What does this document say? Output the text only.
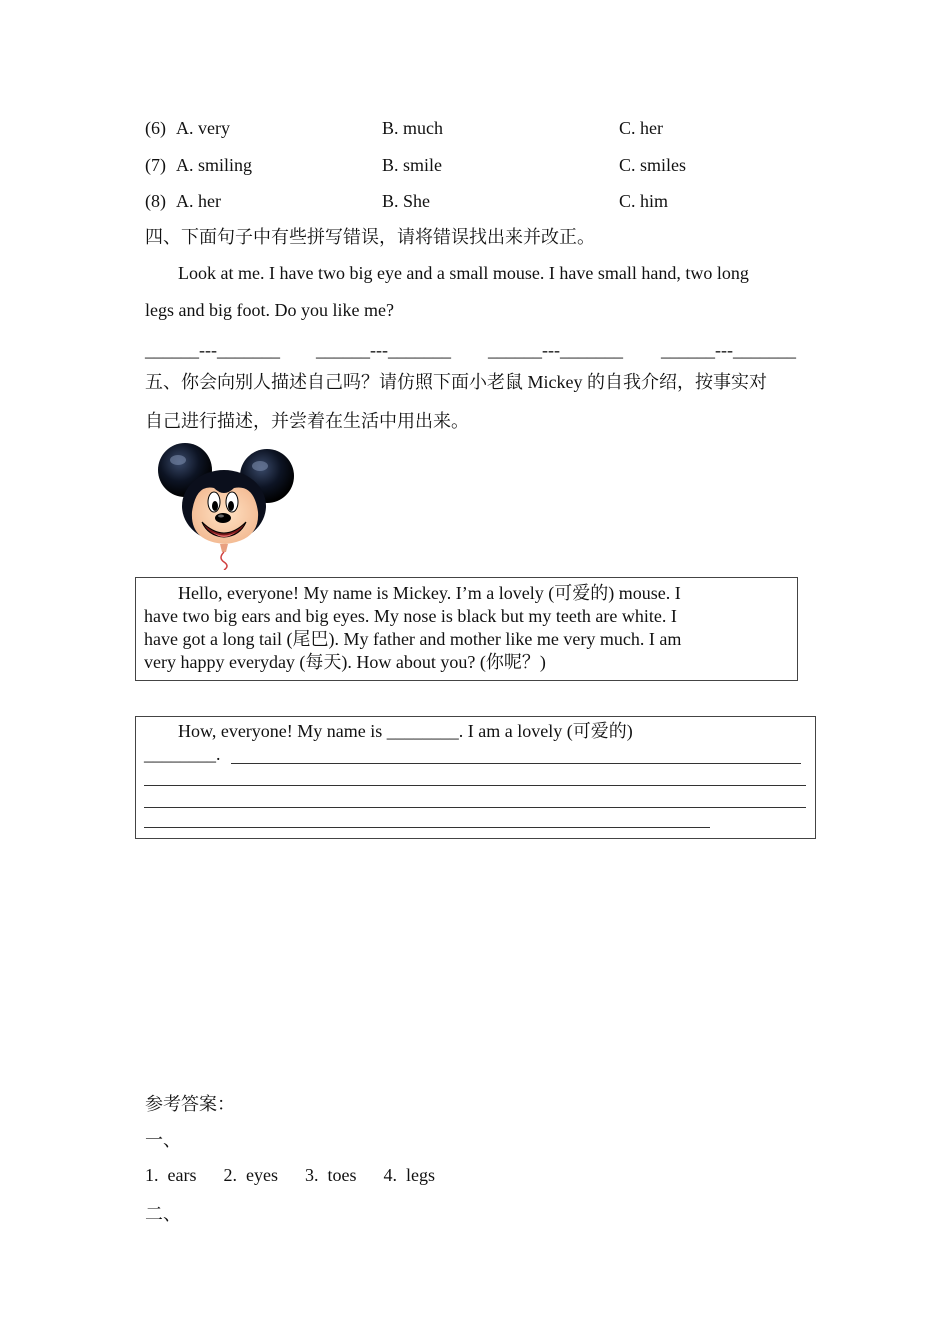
(6) A. very	B. much	C. her
(7) A. smiling	B. smile	C. smiles
(8) A. her	B. She	C. him
四、下面句子中有些拼写错误，请将错误找出来并改正。
Look at me. I have two big eye and a small mouse. I have small hand, two long
legs and big foot. Do you like me?
______---_______ ______---_______ ______---_______ ______---_______
五、你会向别人描述自己吗？请仿照下面小老鼠 Mickey 的自我介绍，按事实对
自己进行描述，并尝着在生活中用出来。
Hello, everyone! My name is Mickey. I’m a lovely (可爱的) mouse. I
have two big ears and big eyes. My nose is black but my teeth are white. I
have got a long tail (尾巴). My father and mother like me very much. I am
very happy everyday (每天). How about you? (你呢？)
How, everyone! My name is ________. I am a lovely (可爱的)
________.
参考答案：
一、
1.  ears      2.  eyes      3.  toes      4.  legs
二、
